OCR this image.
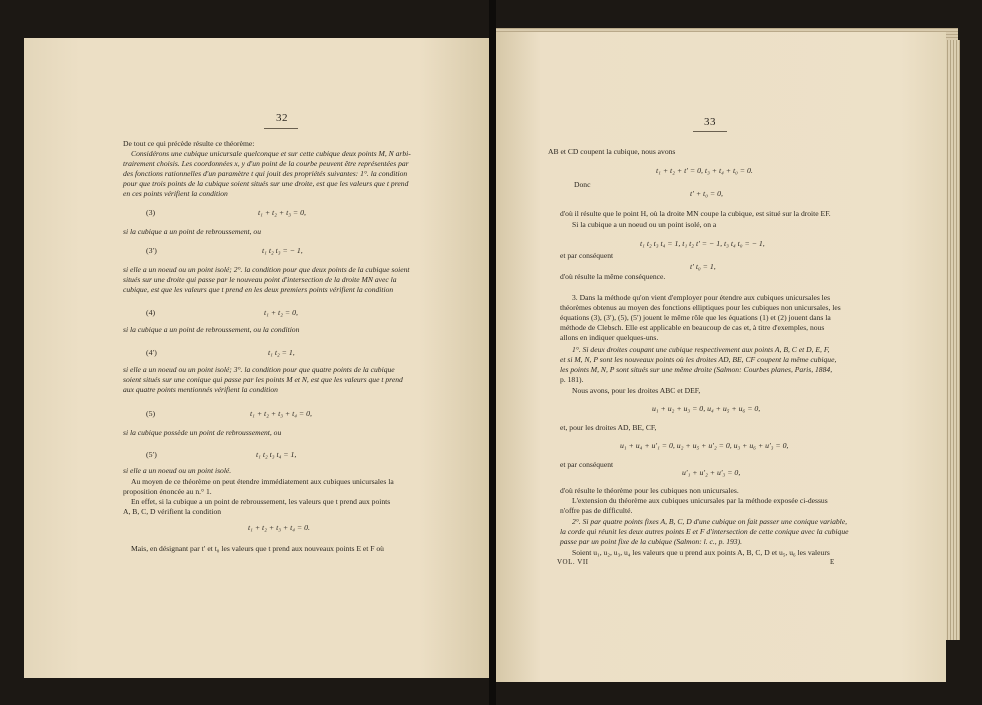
32	33
De tout ce qui précède résulte ce théorème:
Considérons une cubique unicursale quelconque et sur cette cubique deux points M, N arbi-
trairement choisis. Les coordonnées x, y d'un point de la courbe peuvent être représentées par
des fonctions rationnelles d'un paramètre t qui jouit des propriétés suivantes: 1°. la condition
pour que trois points de la cubique soient situés sur une droite, est que les valeurs que t prend
en ces points vérifient la condition
si la cubique a un point de rebroussement, ou
si elle a un noeud ou un point isolé; 2°. la condition pour que deux points de la cubique soient
situés sur une droite qui passe par le nouveau point d'intersection de la droite MN avec la
cubique, est que les valeurs que t prend en les deux premiers points vérifient la condition
si la cubique a un point de rebroussement, ou la condition
si elle a un noeud ou un point isolé; 3°. la condition pour que quatre points de la cubique
soient situés sur une conique qui passe par les points M et N, est que les valeurs que t prend
aux quatre points mentionnés vérifient la condition
si la cubique possède un point de rebroussement, ou
si elle a un noeud ou un point isolé.
Au moyen de ce théorème on peut étendre immédiatement aux cubiques unicursales la
proposition énoncée au n.° 1.
En effet, si la cubique a un point de rebroussement, les valeurs que t prend aux points
A, B, C, D vérifient la condition
Mais, en désignant par t′ et t₀ les valeurs que t prend aux nouveaux points E et F où
(3)	t₁ + t₂ + t₃ = 0,
(3′)	t₁ t₂ t₃ = − 1,
(4)	t₁ + t₂ = 0,
(4′)	t₁ t₂ = 1,
(5)	t₁ + t₂ + t₃ + t₄ = 0,
(5′)	t₁ t₂ t₃ t₄ = 1,
t₁ + t₂ + t₃ + t₄ = 0.
AB et CD coupent la cubique, nous avons
Donc
d'où il résulte que le point H, où la droite MN coupe la cubique, est situé sur la droite EF.
Si la cubique a un noeud ou un point isolé, on a
et par conséquent
d'où résulte la même conséquence.
3. Dans la méthode qu'on vient d'employer pour étendre aux cubiques unicursales les
théorèmes obtenus au moyen des fonctions elliptiques pour les cubiques non unicursales, les
équations (3), (3′), (5), (5′) jouent le même rôle que les équations (1) et (2) jouent dans la
méthode de Clebsch. Elle est applicable en beaucoup de cas et, à titre d'exemples, nous
allons en indiquer quelques-uns.
1°. Si deux droites coupant une cubique respectivement aux points A, B, C et D, E, F,
et si M, N, P sont les nouveaux points où les droites AD, BE, CF coupent la même cubique,
les points M, N, P sont situés sur une même droite (Salmon: Courbes planes, Paris, 1884,
p. 181).
Nous avons, pour les droites ABC et DEF,
et, pour les droites AD, BE, CF,
et par conséquent
d'où résulte le théorème pour les cubiques non unicursales.
L'extension du théorème aux cubiques unicursales par la méthode exposée ci-dessus
n'offre pas de difficulté.
2°. Si par quatre points fixes A, B, C, D d'une cubique on fait passer une conique variable,
la corde qui réunit les deux autres points E et F d'intersection de cette conique avec la cubique
passe par un point fixe de la cubique (Salmon: l. c., p. 193).
Soient u₁, u₂, u₃, u₄ les valeurs que u prend aux points A, B, C, D et u₅, u₆ les valeurs
t₁ + t₂ + t′ = 0, t₃ + t₄ + t₀ = 0.
t′ + t₀ = 0,
t₁ t₂ t₃ t₄ = 1, t₁ t₂ t′ = − 1, t₃ t₄ t₀ = − 1,
t′ t₀ = 1,
u₁ + u₂ + u₃ = 0, u₄ + u₅ + u₆ = 0,
u₁ + u₄ + u′₁ = 0, u₂ + u₅ + u′₂ = 0, u₃ + u₆ + u′₃ = 0,
u′₁ + u′₂ + u′₃ = 0,
VOL. VII	E
